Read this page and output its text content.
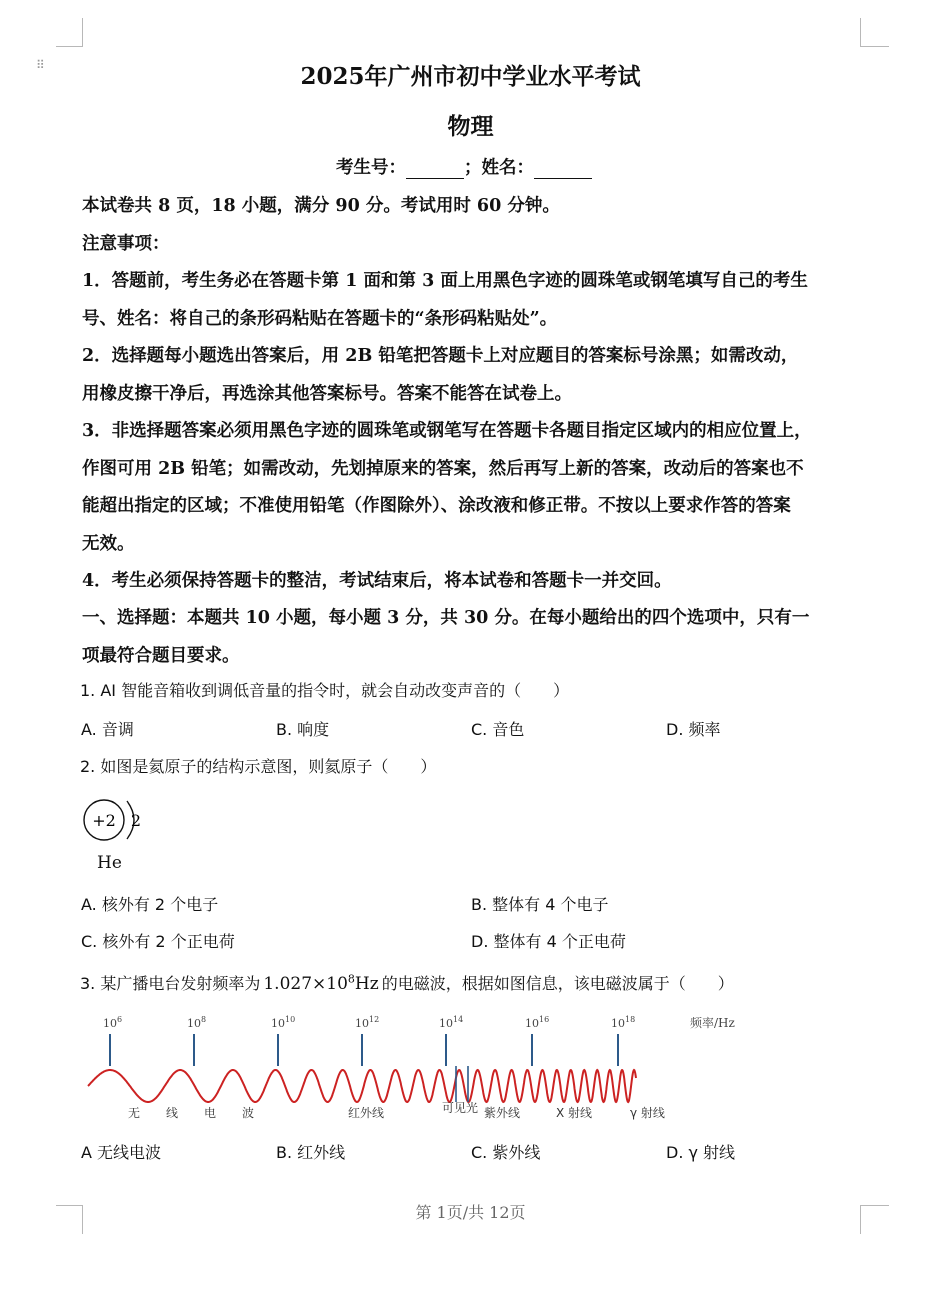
⠿	2025年广州市初中学业水平考试
物理
考生号：	；姓名：
本试卷共 8 页，18 小题，满分 90 分。考试用时 60 分钟。
注意事项：
1．答题前，考生务必在答题卡第 1 面和第 3 面上用黑色字迹的圆珠笔或钢笔填写自己的考生
号、姓名：将自己的条形码粘贴在答题卡的“条形码粘贴处”。
2．选择题每小题选出答案后，用 2B 铅笔把答题卡上对应题目的答案标号涂黑；如需改动，
用橡皮擦干净后，再选涂其他答案标号。答案不能答在试卷上。
3．非选择题答案必须用黑色字迹的圆珠笔或钢笔写在答题卡各题目指定区域内的相应位置上，
作图可用 2B 铅笔；如需改动，先划掉原来的答案，然后再写上新的答案，改动后的答案也不
能超出指定的区域；不准使用铅笔（作图除外）、涂改液和修正带。不按以上要求作答的答案
无效。
4．考生必须保持答题卡的整洁，考试结束后，将本试卷和答题卡一并交回。
一、选择题：本题共 10 小题，每小题 3 分，共 30 分。在每小题给出的四个选项中，只有一
项最符合题目要求。
1. AI 智能音箱收到调低音量的指令时，就会自动改变声音的（　　）
A. 音调	B. 响度	C. 音色	D. 频率
2. 如图是氦原子的结构示意图，则氦原子（　　）
+2 2
He
A. 核外有 2 个电子	B. 整体有 4 个电子
C. 核外有 2 个正电荷	D. 整体有 4 个正电荷
3. 某广播电台发射频率为 $1.027\times 10^8Hz$ 的电磁波，根据如图信息，该电磁波属于（　　）
$10^6$	$10^8$	$10^{10}$	$10^{12}$	$10^{14}$	$10^{16}$	$10^{18}$	频率/Hz
无 线 电 波	红外线	可见光 紫外线	X 射线	γ 射线
A 无线电波	B. 红外线	C. 紫外线	D. γ 射线
第 1页/共 12页
